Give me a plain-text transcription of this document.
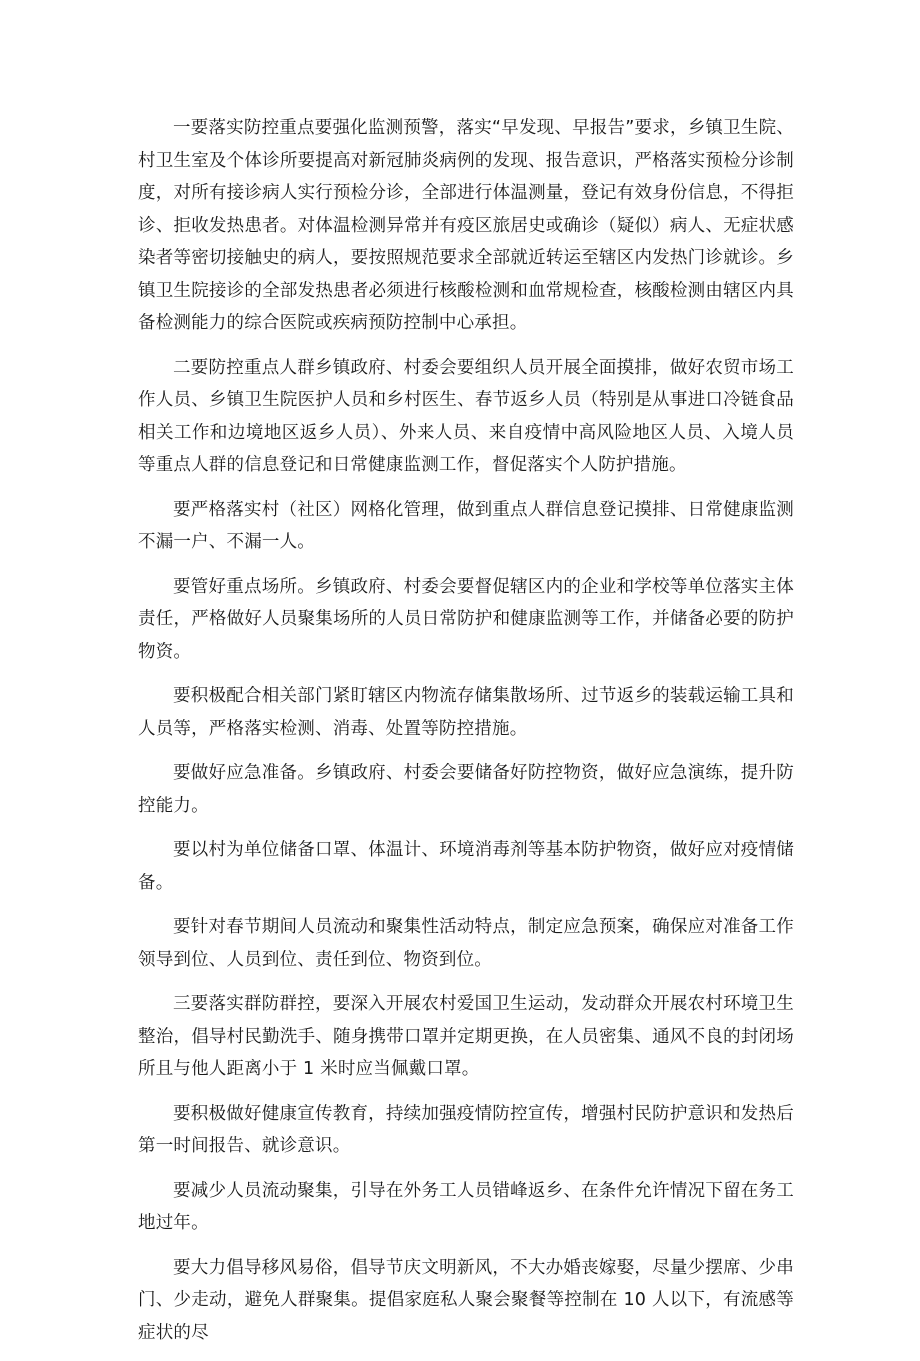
一要落实防控重点要强化监测预警，落实“早发现、早报告”要求，乡镇卫生院、村卫生室及个体诊所要提高对新冠肺炎病例的发现、报告意识，严格落实预检分诊制度，对所有接诊病人实行预检分诊，全部进行体温测量，登记有效身份信息，不得拒诊、拒收发热患者。对体温检测异常并有疫区旅居史或确诊（疑似）病人、无症状感染者等密切接触史的病人，要按照规范要求全部就近转运至辖区内发热门诊就诊。乡镇卫生院接诊的全部发热患者必须进行核酸检测和血常规检查，核酸检测由辖区内具备检测能力的综合医院或疾病预防控制中心承担。

二要防控重点人群乡镇政府、村委会要组织人员开展全面摸排，做好农贸市场工作人员、乡镇卫生院医护人员和乡村医生、春节返乡人员（特别是从事进口冷链食品相关工作和边境地区返乡人员）、外来人员、来自疫情中高风险地区人员、入境人员等重点人群的信息登记和日常健康监测工作，督促落实个人防护措施。

要严格落实村（社区）网格化管理，做到重点人群信息登记摸排、日常健康监测不漏一户、不漏一人。

要管好重点场所。乡镇政府、村委会要督促辖区内的企业和学校等单位落实主体责任，严格做好人员聚集场所的人员日常防护和健康监测等工作，并储备必要的防护物资。

要积极配合相关部门紧盯辖区内物流存储集散场所、过节返乡的装载运输工具和人员等，严格落实检测、消毒、处置等防控措施。

要做好应急准备。乡镇政府、村委会要储备好防控物资，做好应急演练，提升防控能力。

要以村为单位储备口罩、体温计、环境消毒剂等基本防护物资，做好应对疫情储备。

要针对春节期间人员流动和聚集性活动特点，制定应急预案，确保应对准备工作领导到位、人员到位、责任到位、物资到位。

三要落实群防群控，要深入开展农村爱国卫生运动，发动群众开展农村环境卫生整治，倡导村民勤洗手、随身携带口罩并定期更换，在人员密集、通风不良的封闭场所且与他人距离小于 1 米时应当佩戴口罩。

要积极做好健康宣传教育，持续加强疫情防控宣传，增强村民防护意识和发热后第一时间报告、就诊意识。

要减少人员流动聚集，引导在外务工人员错峰返乡、在条件允许情况下留在务工地过年。

要大力倡导移风易俗，倡导节庆文明新风，不大办婚丧嫁娶，尽量少摆席、少串门、少走动，避免人群聚集。提倡家庭私人聚会聚餐等控制在 10 人以下，有流感等症状的尽
